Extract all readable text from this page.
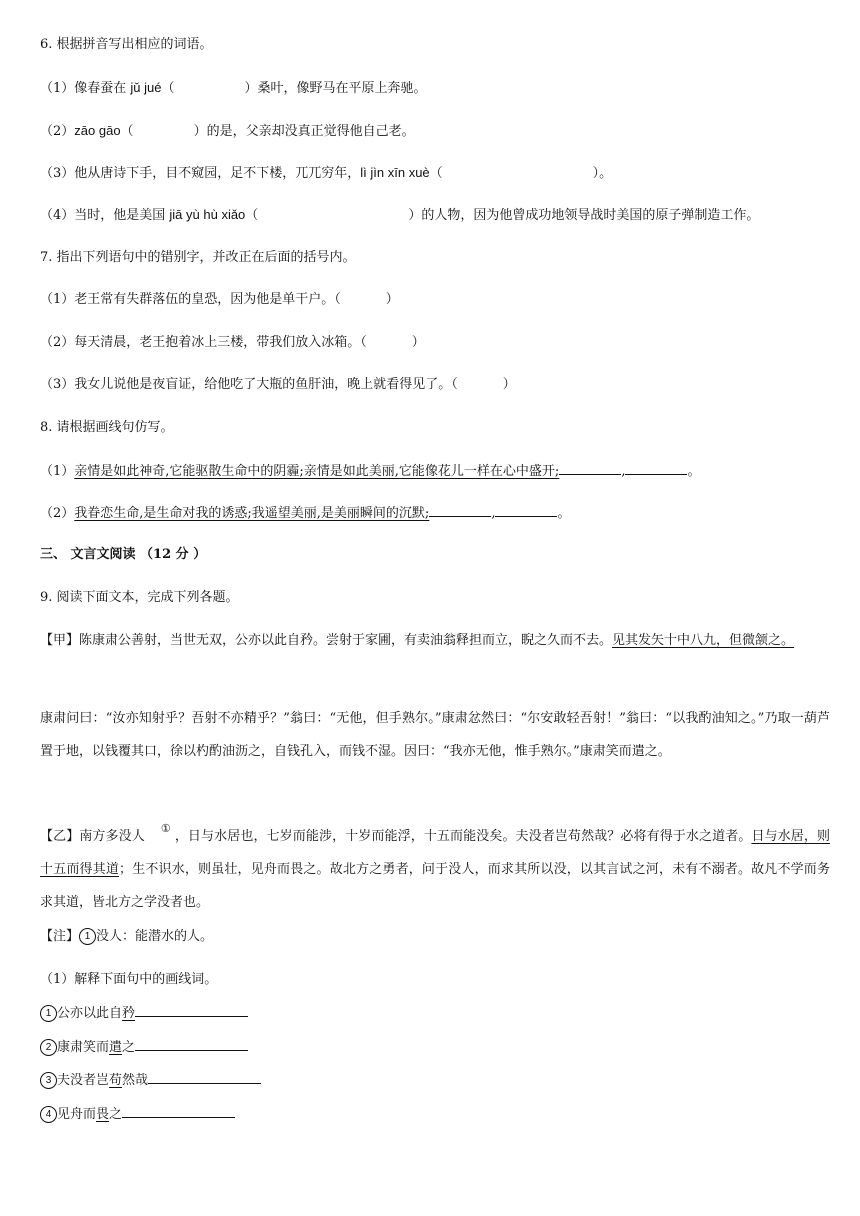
6. 根据拼音写出相应的词语。
（1）像春蚕在 jǔ jué（	）桑叶，像野马在平原上奔驰。
（2）zāo gāo（	）的是，父亲却没真正觉得他自己老。
（3）他从唐诗下手，目不窥园，足不下楼，兀兀穷年，lì jìn xīn xuè（	）。
（4）当时，他是美国 jiā yù hù xiǎo（	）的人物，因为他曾成功地领导战时美国的原子弹制造工作。
7. 指出下列语句中的错别字，并改正在后面的括号内。
（1）老王常有失群落伍的皇恐，因为他是单干户。（	）
（2）每天清晨，老王抱着冰上三楼，带我们放入冰箱。（	）
（3）我女儿说他是夜盲证，给他吃了大瓶的鱼肝油，晚上就看得见了。（	）
8. 请根据画线句仿写。
（1）亲情是如此神奇,它能驱散生命中的阴霾;亲情是如此美丽,它能像花儿一样在心中盛开;	,	。
（2）我眷恋生命,是生命对我的诱惑;我遥望美丽,是美丽瞬间的沉默;	,	。
三、 文言文阅读 （12 分 ）
9. 阅读下面文本，完成下列各题。
【甲】陈康肃公善射，当世无双，公亦以此自矜。尝射于家圃，有卖油翁释担而立，睨之久而不去。见其发矢十中八九，但微颔之。
康肃问曰：“汝亦知射乎？吾射不亦精乎？”翁曰：“无他，但手熟尔。”康肃忿然曰：“尔安敢轻吾射！”翁曰：“以我酌油知之。”乃取一葫芦置于地，以钱覆其口，徐以杓酌油沥之，自钱孔入，而钱不湿。因曰：“我亦无他，惟手熟尔。”康肃笑而遣之。
【乙】南方多没人①，日与水居也，七岁而能涉，十岁而能浮，十五而能没矣。夫没者岂苟然哉？必将有得于水之道者。日与水居，则十五而得其道；生不识水，则虽壮，见舟而畏之。故北方之勇者，问于没人，而求其所以没，以其言试之河，未有不溺者。故凡不学而务求其道，皆北方之学没者也。
【注】 1 没人：能潜水的人。
（1）解释下面句中的画线词。
1 公亦以此自矜
2 康肃笑而遣之
3 夫没者岂苟然哉
4 见舟而畏之
